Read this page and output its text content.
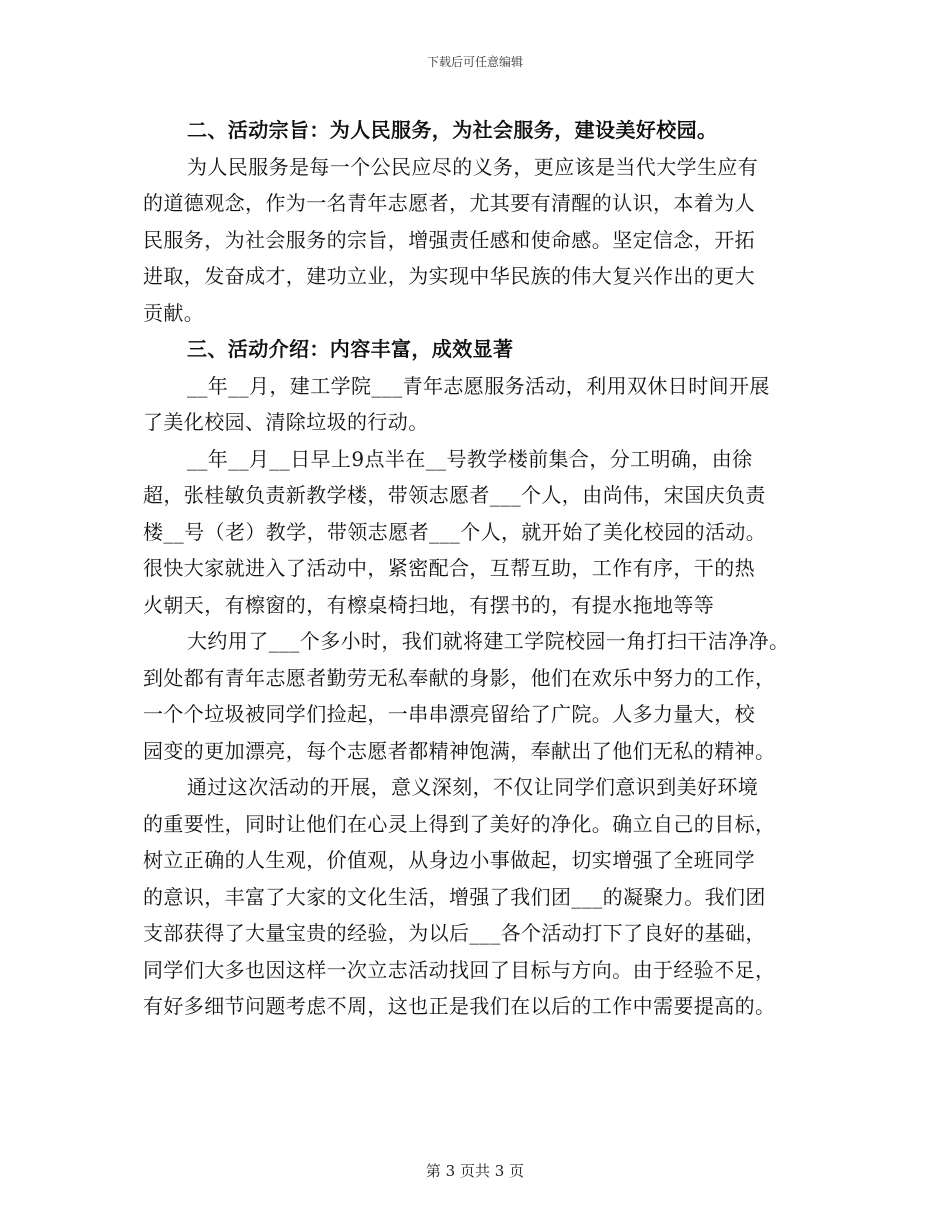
下载后可任意编辑
二、活动宗旨：为人民服务，为社会服务，建设美好校园。
为人民服务是每一个公民应尽的义务，更应该是当代大学生应有
的道德观念，作为一名青年志愿者，尤其要有清醒的认识，本着为人
民服务，为社会服务的宗旨，增强责任感和使命感。坚定信念，开拓
进取，发奋成才，建功立业，为实现中华民族的伟大复兴作出的更大
贡献。
三、活动介绍：内容丰富，成效显著
__年__月，建工学院___青年志愿服务活动，利用双休日时间开展
了美化校园、清除垃圾的行动。
__年__月__日早上9点半在__号教学楼前集合，分工明确，由徐
超，张桂敏负责新教学楼，带领志愿者___个人，由尚伟，宋国庆负责
楼__号（老）教学，带领志愿者___个人，就开始了美化校园的活动。
很快大家就进入了活动中，紧密配合，互帮互助，工作有序，干的热
火朝天，有檫窗的，有檫桌椅扫地，有摆书的，有提水拖地等等
大约用了___个多小时，我们就将建工学院校园一角打扫干洁净净。
到处都有青年志愿者勤劳无私奉献的身影，他们在欢乐中努力的工作，
一个个垃圾被同学们捡起，一串串漂亮留给了广院。人多力量大，校
园变的更加漂亮，每个志愿者都精神饱满，奉献出了他们无私的精神。
通过这次活动的开展，意义深刻，不仅让同学们意识到美好环境
的重要性，同时让他们在心灵上得到了美好的净化。确立自己的目标，
树立正确的人生观，价值观，从身边小事做起，切实增强了全班同学
的意识，丰富了大家的文化生活，增强了我们团___的凝聚力。我们团
支部获得了大量宝贵的经验，为以后___各个活动打下了良好的基础，
同学们大多也因这样一次立志活动找回了目标与方向。由于经验不足，
有好多细节问题考虑不周，这也正是我们在以后的工作中需要提高的。
第 3 页共 3 页
